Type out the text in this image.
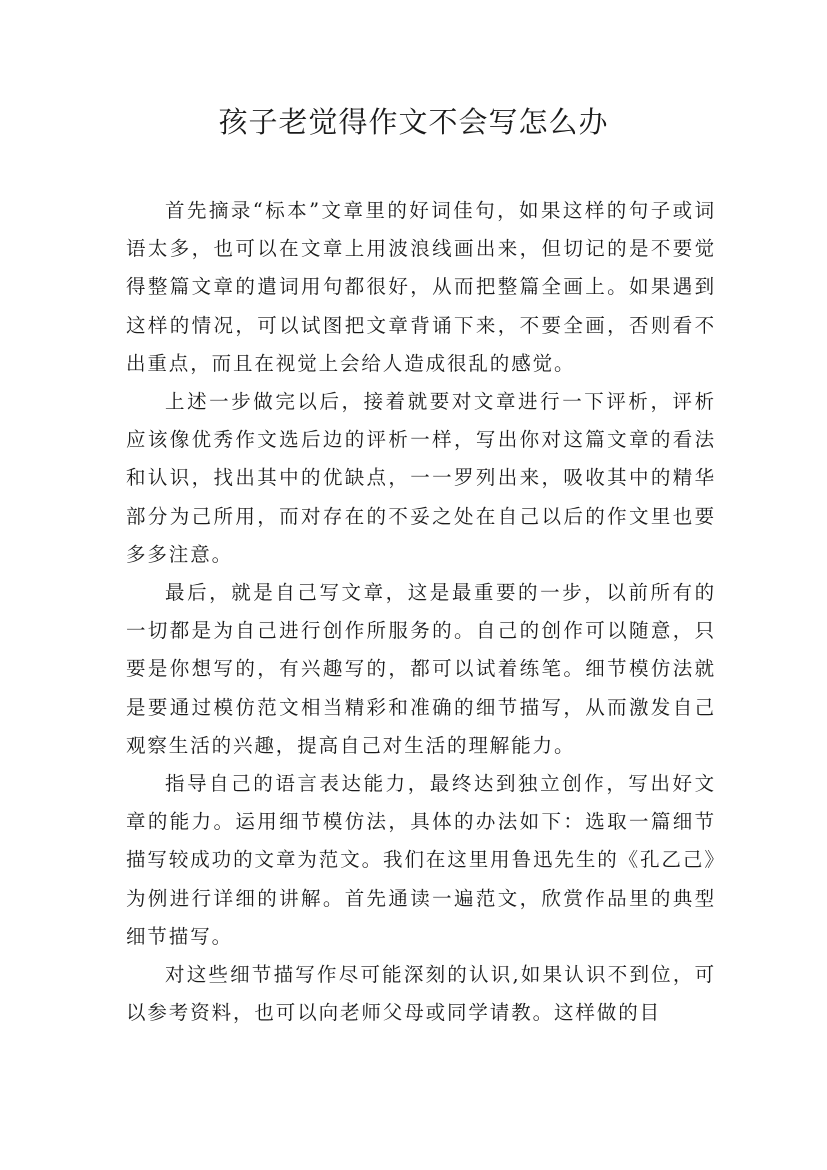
孩子老觉得作文不会写怎么办

首先摘录“标本”文章里的好词佳句，如果这样的句子或词语太多，也可以在文章上用波浪线画出来，但切记的是不要觉得整篇文章的遣词用句都很好，从而把整篇全画上。如果遇到这样的情况，可以试图把文章背诵下来，不要全画，否则看不出重点，而且在视觉上会给人造成很乱的感觉。

上述一步做完以后，接着就要对文章进行一下评析，评析应该像优秀作文选后边的评析一样，写出你对这篇文章的看法和认识，找出其中的优缺点，一一罗列出来，吸收其中的精华部分为己所用，而对存在的不妥之处在自己以后的作文里也要多多注意。

最后，就是自己写文章，这是最重要的一步，以前所有的一切都是为自己进行创作所服务的。自己的创作可以随意，只要是你想写的，有兴趣写的，都可以试着练笔。细节模仿法就是要通过模仿范文相当精彩和准确的细节描写，从而激发自己观察生活的兴趣，提高自己对生活的理解能力。

指导自己的语言表达能力，最终达到独立创作，写出好文章的能力。运用细节模仿法，具体的办法如下：选取一篇细节描写较成功的文章为范文。我们在这里用鲁迅先生的《孔乙己》为例进行详细的讲解。首先通读一遍范文，欣赏作品里的典型细节描写。

对这些细节描写作尽可能深刻的认识,如果认识不到位，可以参考资料，也可以向老师父母或同学请教。这样做的目
